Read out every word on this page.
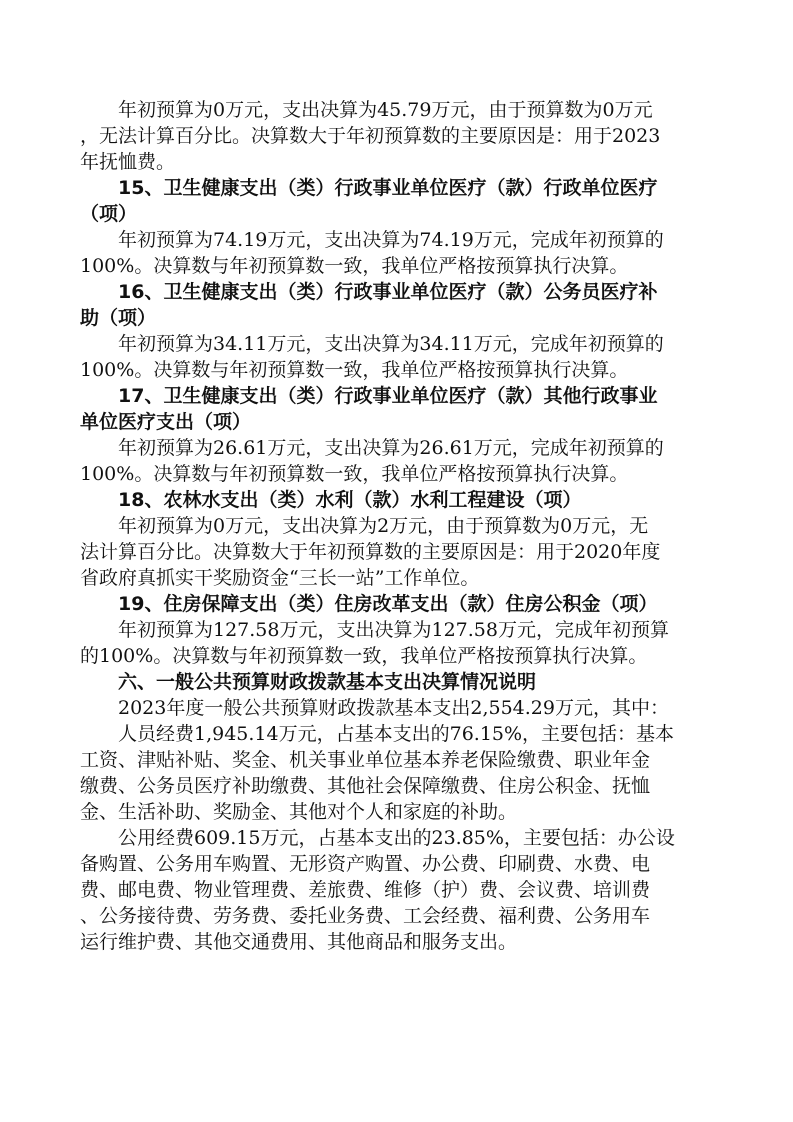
年初预算为0万元，支出决算为45.79万元，由于预算数为0万元
，无法计算百分比。决算数大于年初预算数的主要原因是：用于2023
年抚恤费。
15、卫生健康支出（类）行政事业单位医疗（款）行政单位医疗
（项）
年初预算为74.19万元，支出决算为74.19万元，完成年初预算的
100%。决算数与年初预算数一致，我单位严格按预算执行决算。
16、卫生健康支出（类）行政事业单位医疗（款）公务员医疗补
助（项）
年初预算为34.11万元，支出决算为34.11万元，完成年初预算的
100%。决算数与年初预算数一致，我单位严格按预算执行决算。
17、卫生健康支出（类）行政事业单位医疗（款）其他行政事业
单位医疗支出（项）
年初预算为26.61万元，支出决算为26.61万元，完成年初预算的
100%。决算数与年初预算数一致，我单位严格按预算执行决算。
18、农林水支出（类）水利（款）水利工程建设（项）
年初预算为0万元，支出决算为2万元，由于预算数为0万元，无
法计算百分比。决算数大于年初预算数的主要原因是：用于2020年度
省政府真抓实干奖励资金“三长一站”工作单位。
19、住房保障支出（类）住房改革支出（款）住房公积金（项）
年初预算为127.58万元，支出决算为127.58万元，完成年初预算
的100%。决算数与年初预算数一致，我单位严格按预算执行决算。
六、一般公共预算财政拨款基本支出决算情况说明
2023年度一般公共预算财政拨款基本支出2,554.29万元，其中：
人员经费1,945.14万元，占基本支出的76.15%，主要包括：基本
工资、津贴补贴、奖金、机关事业单位基本养老保险缴费、职业年金
缴费、公务员医疗补助缴费、其他社会保障缴费、住房公积金、抚恤
金、生活补助、奖励金、其他对个人和家庭的补助。
公用经费609.15万元，占基本支出的23.85%，主要包括：办公设
备购置、公务用车购置、无形资产购置、办公费、印刷费、水费、电
费、邮电费、物业管理费、差旅费、维修（护）费、会议费、培训费
、公务接待费、劳务费、委托业务费、工会经费、福利费、公务用车
运行维护费、其他交通费用、其他商品和服务支出。
